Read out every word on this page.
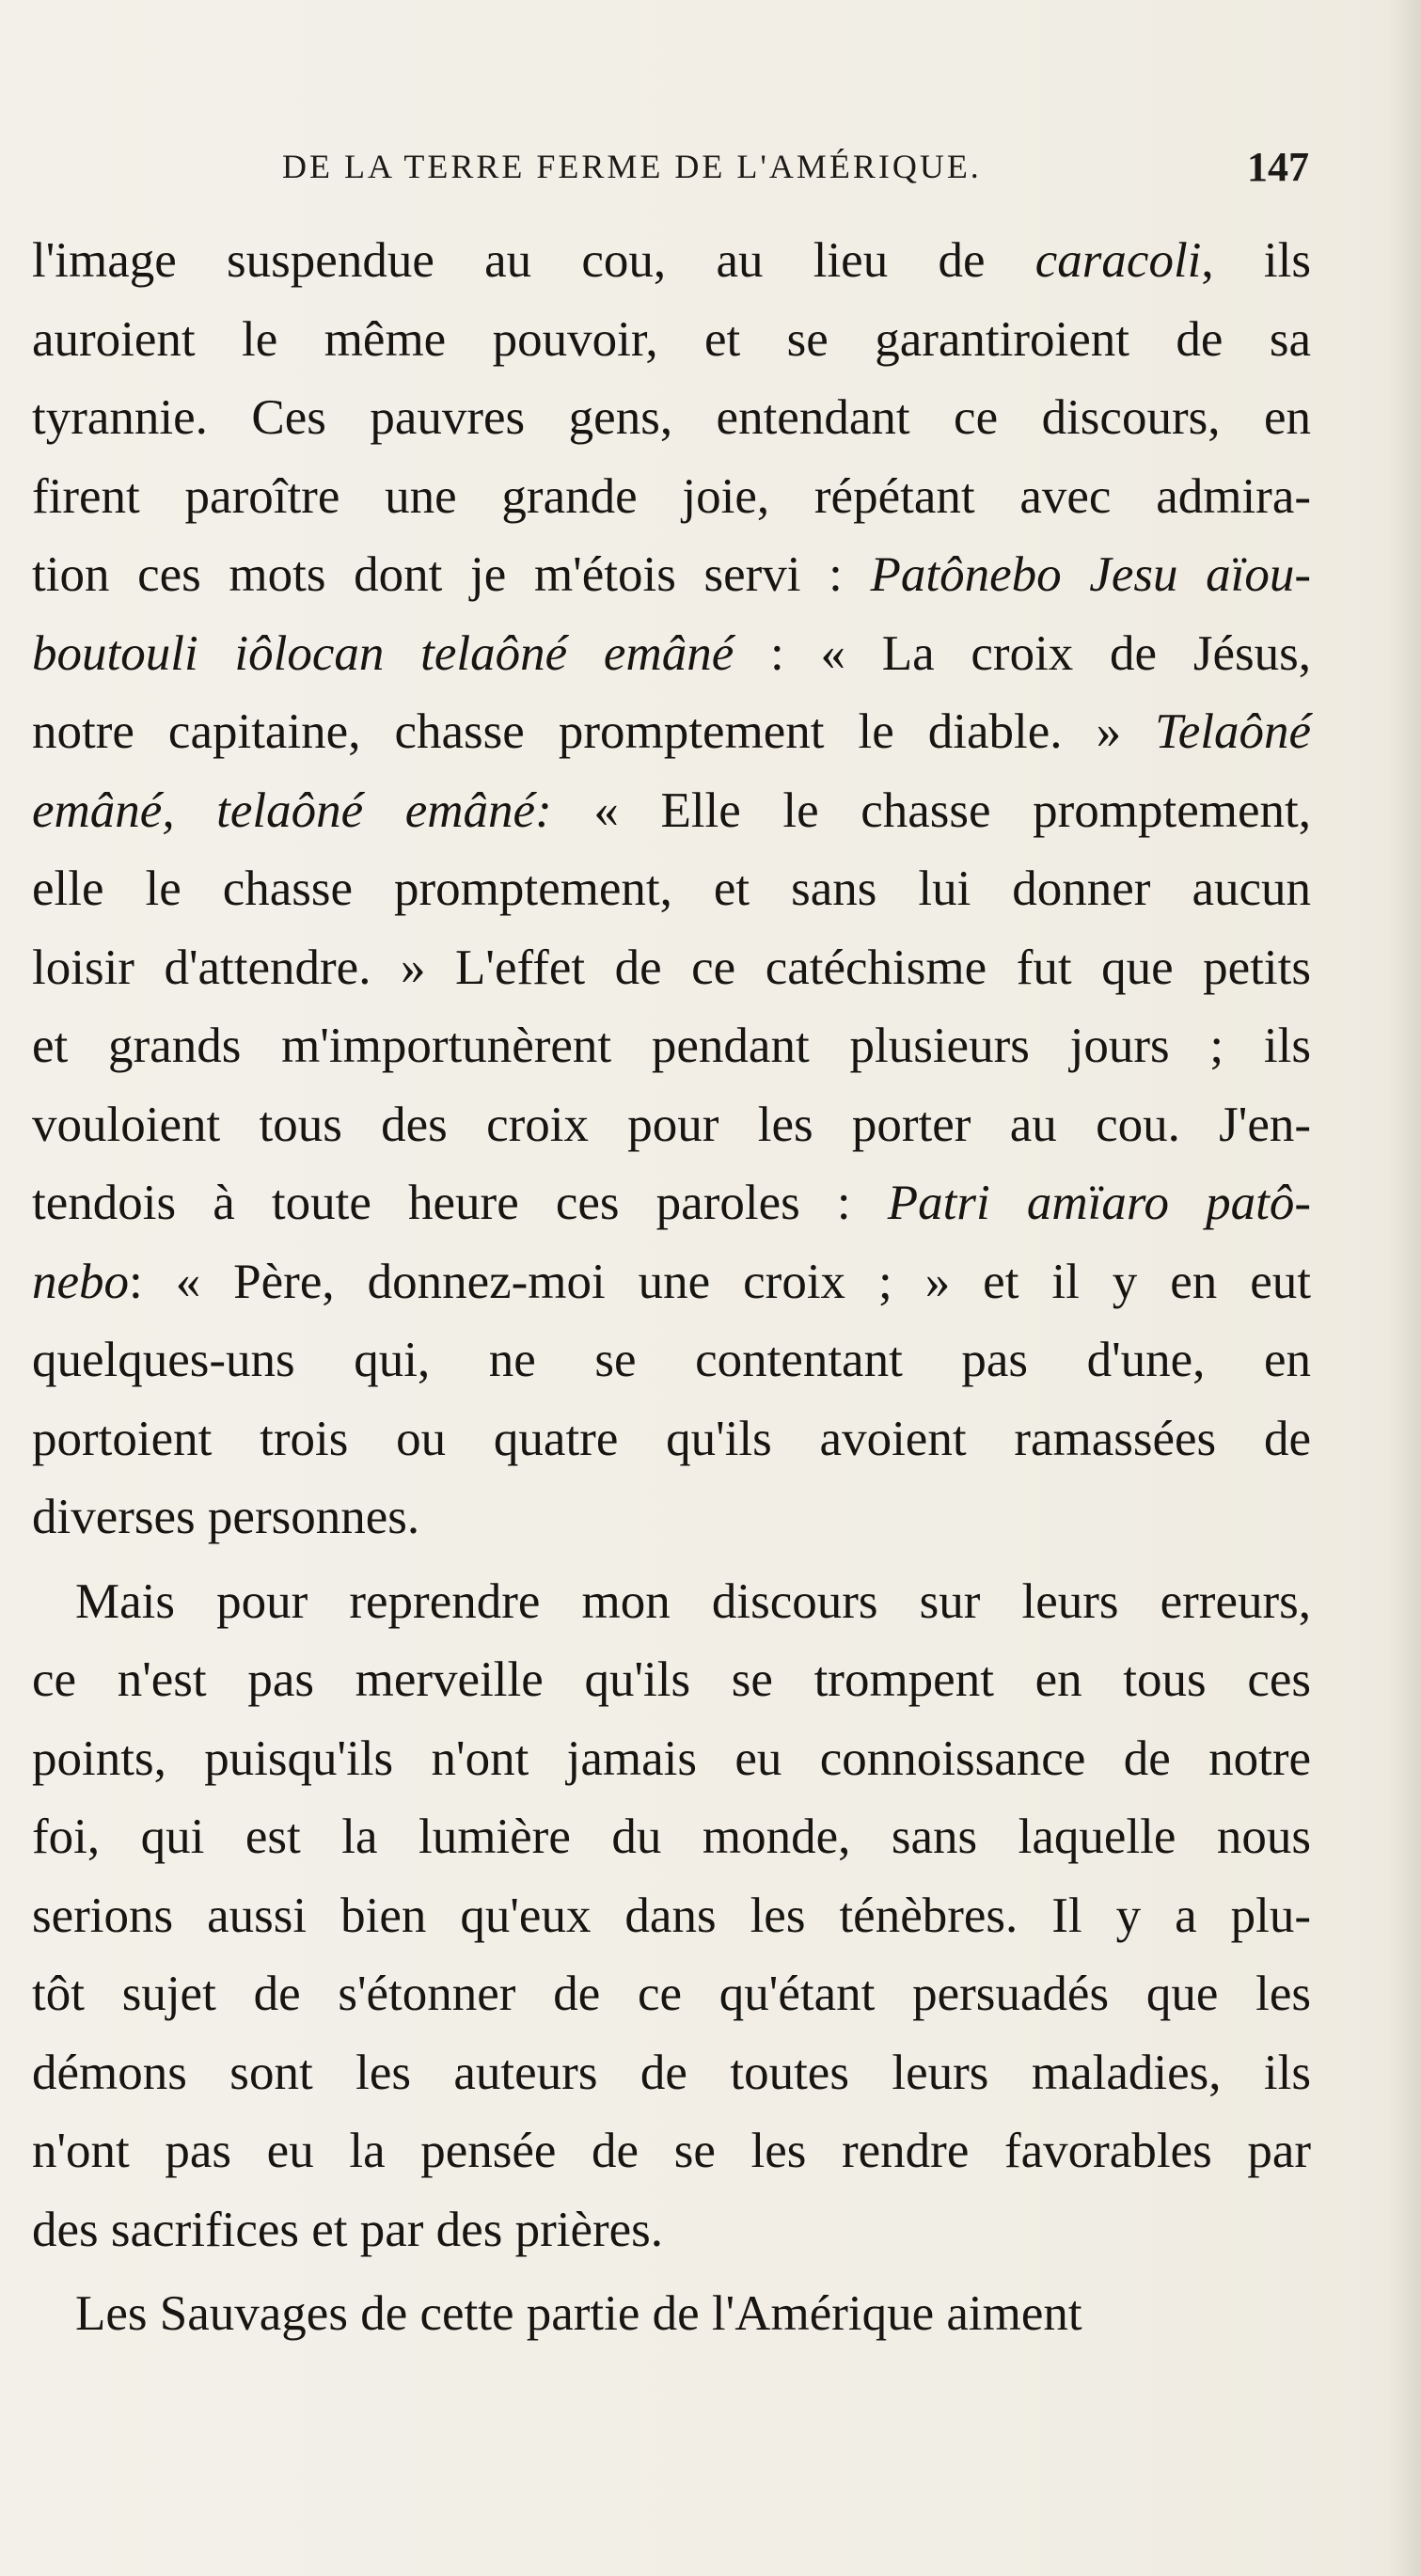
DE LA TERRE FERME DE L'AMÉRIQUE.	147
l'image suspendue au cou, au lieu de caracoli, ils
auroient le même pouvoir, et se garantiroient de sa
tyrannie. Ces pauvres gens, entendant ce discours, en
firent paroître une grande joie, répétant avec admira-
tion ces mots dont je m'étois servi : Patônebo Jesu aïou-
boutouli iôlocan telaôné emâné : « La croix de Jésus,
notre capitaine, chasse promptement le diable. » Telaôné
emâné, telaôné emâné: « Elle le chasse promptement,
elle le chasse promptement, et sans lui donner aucun
loisir d'attendre. » L'effet de ce catéchisme fut que petits
et grands m'importunèrent pendant plusieurs jours ; ils
vouloient tous des croix pour les porter au cou. J'en-
tendois à toute heure ces paroles : Patri amïaro patô-
nebo: « Père, donnez-moi une croix ; » et il y en eut
quelques-uns qui, ne se contentant pas d'une, en
portoient trois ou quatre qu'ils avoient ramassées de
diverses personnes.
Mais pour reprendre mon discours sur leurs erreurs,
ce n'est pas merveille qu'ils se trompent en tous ces
points, puisqu'ils n'ont jamais eu connoissance de notre
foi, qui est la lumière du monde, sans laquelle nous
serions aussi bien qu'eux dans les ténèbres. Il y a plu-
tôt sujet de s'étonner de ce qu'étant persuadés que les
démons sont les auteurs de toutes leurs maladies, ils
n'ont pas eu la pensée de se les rendre favorables par
des sacrifices et par des prières.
Les Sauvages de cette partie de l'Amérique aiment
